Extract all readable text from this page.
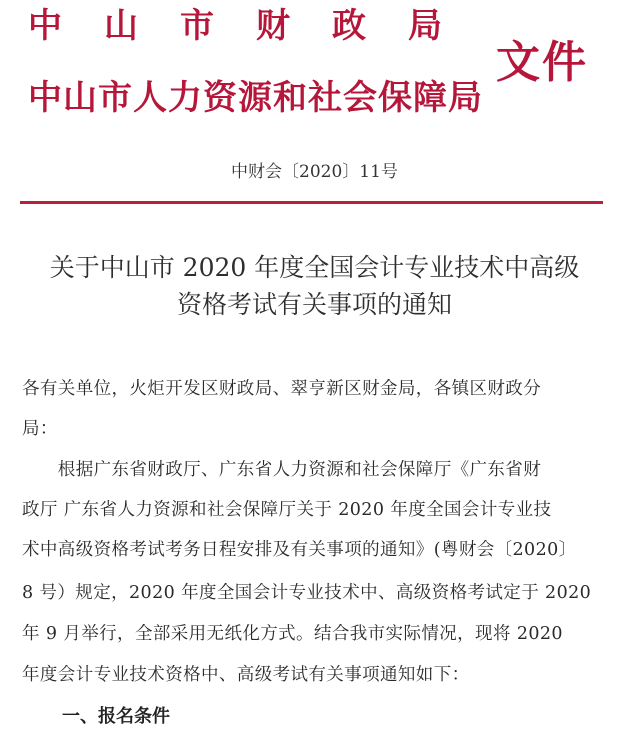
中山市财政局
中山市人力资源和社会保障局
文件
中财会〔2020〕11号
关于中山市 2020 年度全国会计专业技术中高级
资格考试有关事项的通知
各有关单位，火炬开发区财政局、翠亨新区财金局，各镇区财政分
局：
　　根据广东省财政厅、广东省人力资源和社会保障厅《广东省财
政厅 广东省人力资源和社会保障厅关于 2020 年度全国会计专业技
术中高级资格考试考务日程安排及有关事项的通知》(粤财会〔2020〕
8 号）规定，2020 年度全国会计专业技术中、高级资格考试定于 2020
年 9 月举行，全部采用无纸化方式。结合我市实际情况，现将 2020
年度会计专业技术资格中、高级考试有关事项通知如下：
一、报名条件
